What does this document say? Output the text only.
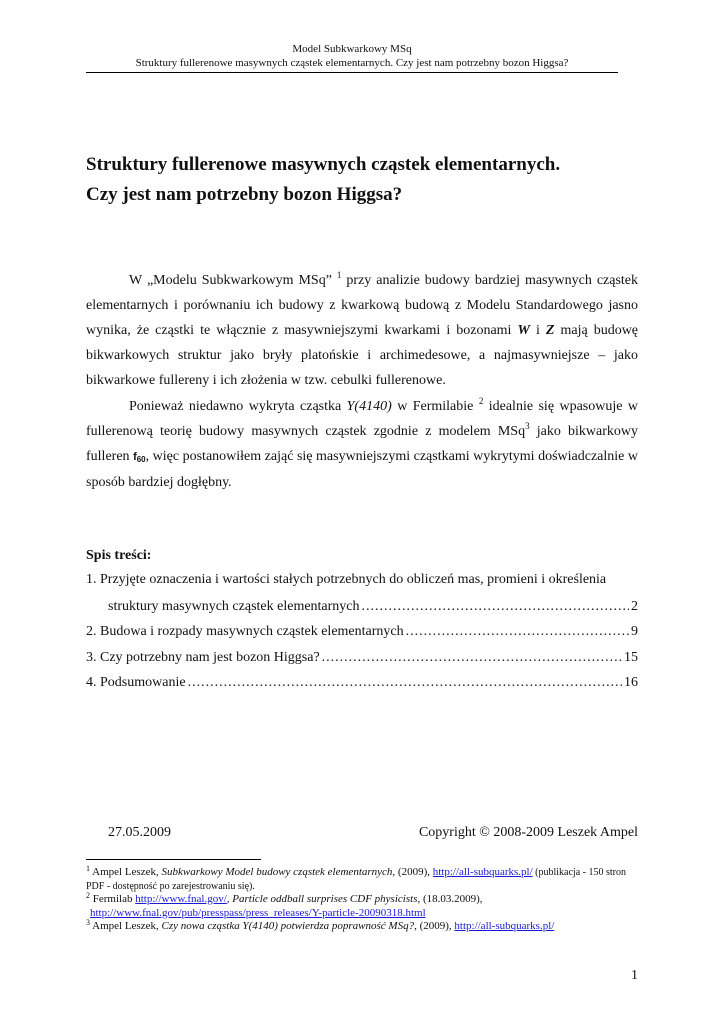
Model Subkwarkowy MSq
Struktury fullerenowe masywnych cząstek elementarnych. Czy jest nam potrzebny bozon Higgsa?
Struktury fullerenowe masywnych cząstek elementarnych.
Czy jest nam potrzebny bozon Higgsa?

W „Modelu Subkwarkowym MSq” $^1$ przy analizie budowy bardziej masywnych cząstek elementarnych i porównaniu ich budowy z kwarkową budową z Modelu Standardowego jasno wynika, że cząstki te włącznie z masywniejszymi kwarkami i bozonami W i Z mają budowę bikwarkowych struktur jako bryły platońskie i archimedesowe, a najmasywniejsze – jako bikwarkowe fullereny i ich złożenia w tzw. cebulki fullerenowe.

Ponieważ niedawno wykryta cząstka Y(4140) w Fermilabie $^2$ idealnie się wpasowuje w fullerenową teorię budowy masywnych cząstek zgodnie z modelem MSq$^3$ jako bikwarkowy fulleren $f_{60}$, więc postanowiłem zająć się masywniejszymi cząstkami wykrytymi doświadczalnie w sposób bardziej dogłębny.

Spis treści:
1. Przyjęte oznaczenia i wartości stałych potrzebnych do obliczeń mas, promieni i określenia
struktury masywnych cząstek elementarnych .....	2
2. Budowa i rozpady masywnych cząstek elementarnych .....	9
3. Czy potrzebny nam jest bozon Higgsa? .....	15
4. Podsumowanie .....	16
27.05.2009	Copyright © 2008-2009 Leszek Ampel

$^1$ Ampel Leszek, Subkwarkowy Model budowy cząstek elementarnych, (2009), http://all-subquarks.pl/ (publikacja - 150 stron PDF - dostępność po zarejestrowaniu się).

$^2$ Fermilab http://www.fnal.gov/, Particle oddball surprises CDF physicists, (18.03.2009),
http://www.fnal.gov/pub/presspass/press_releases/Y-particle-20090318.html

$^3$ Ampel Leszek, Czy nowa cząstka Y(4140) potwierdza poprawność MSq?, (2009), http://all-subquarks.pl/

1
